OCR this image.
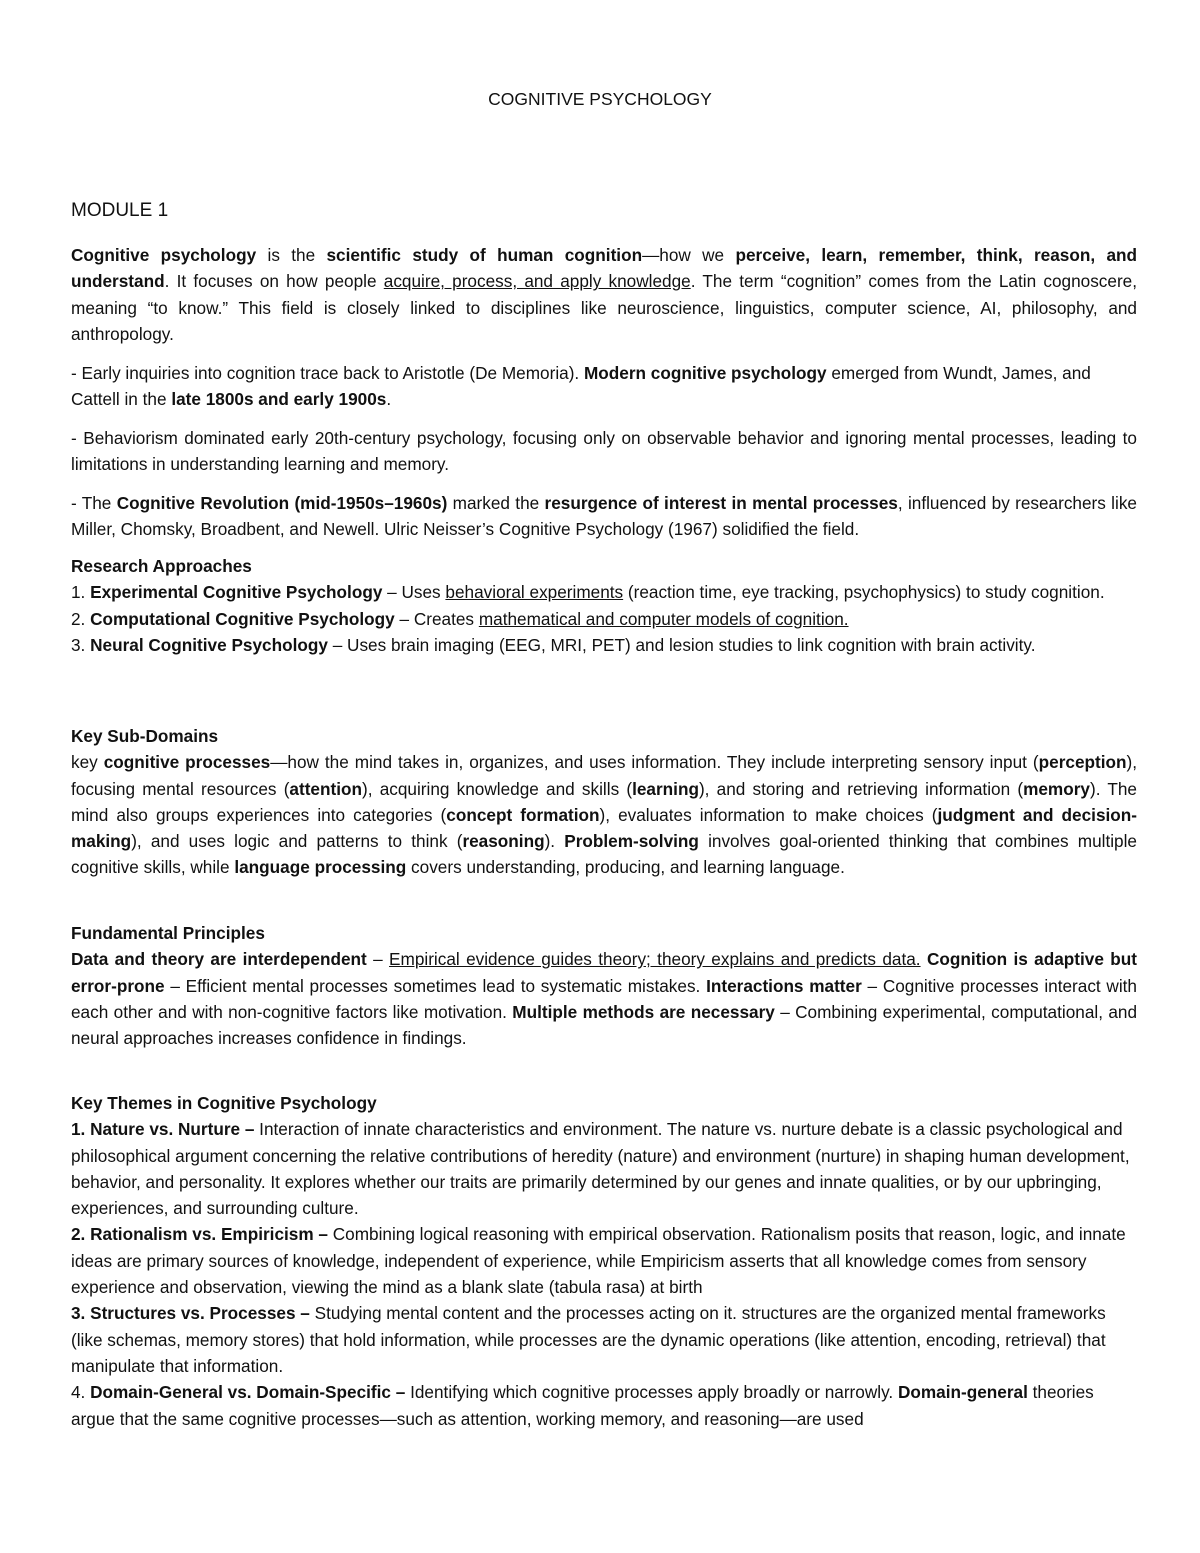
COGNITIVE PSYCHOLOGY
MODULE 1

Cognitive psychology is the scientific study of human cognition—how we perceive, learn, remember, think, reason, and understand. It focuses on how people acquire, process, and apply knowledge. The term “cognition” comes from the Latin cognoscere, meaning “to know.” This field is closely linked to disciplines like neuroscience, linguistics, computer science, AI, philosophy, and anthropology.

- Early inquiries into cognition trace back to Aristotle (De Memoria). Modern cognitive psychology emerged from Wundt, James, and Cattell in the late 1800s and early 1900s.

- Behaviorism dominated early 20th-century psychology, focusing only on observable behavior and ignoring mental processes, leading to limitations in understanding learning and memory.

- The Cognitive Revolution (mid-1950s–1960s) marked the resurgence of interest in mental processes, influenced by researchers like Miller, Chomsky, Broadbent, and Newell. Ulric Neisser’s Cognitive Psychology (1967) solidified the field.

Research Approaches
1. Experimental Cognitive Psychology – Uses behavioral experiments (reaction time, eye tracking, psychophysics) to study cognition.
2. Computational Cognitive Psychology – Creates mathematical and computer models of cognition.
3. Neural Cognitive Psychology – Uses brain imaging (EEG, MRI, PET) and lesion studies to link cognition with brain activity.
Key Sub-Domains
key cognitive processes—how the mind takes in, organizes, and uses information. They include interpreting sensory input (perception), focusing mental resources (attention), acquiring knowledge and skills (learning), and storing and retrieving information (memory). The mind also groups experiences into categories (concept formation), evaluates information to make choices (judgment and decision-making), and uses logic and patterns to think (reasoning). Problem-solving involves goal-oriented thinking that combines multiple cognitive skills, while language processing covers understanding, producing, and learning language.
Fundamental Principles
Data and theory are interdependent – Empirical evidence guides theory; theory explains and predicts data. Cognition is adaptive but error-prone – Efficient mental processes sometimes lead to systematic mistakes. Interactions matter – Cognitive processes interact with each other and with non-cognitive factors like motivation. Multiple methods are necessary – Combining experimental, computational, and neural approaches increases confidence in findings.
Key Themes in Cognitive Psychology
1. Nature vs. Nurture – Interaction of innate characteristics and environment. The nature vs. nurture debate is a classic psychological and philosophical argument concerning the relative contributions of heredity (nature) and environment (nurture) in shaping human development, behavior, and personality. It explores whether our traits are primarily determined by our genes and innate qualities, or by our upbringing, experiences, and surrounding culture.
2. Rationalism vs. Empiricism – Combining logical reasoning with empirical observation. Rationalism posits that reason, logic, and innate ideas are primary sources of knowledge, independent of experience, while Empiricism asserts that all knowledge comes from sensory experience and observation, viewing the mind as a blank slate (tabula rasa) at birth
3. Structures vs. Processes – Studying mental content and the processes acting on it. structures are the organized mental frameworks (like schemas, memory stores) that hold information, while processes are the dynamic operations (like attention, encoding, retrieval) that manipulate that information.
4. Domain-General vs. Domain-Specific – Identifying which cognitive processes apply broadly or narrowly. Domain-general theories argue that the same cognitive processes—such as attention, working memory, and reasoning—are used
